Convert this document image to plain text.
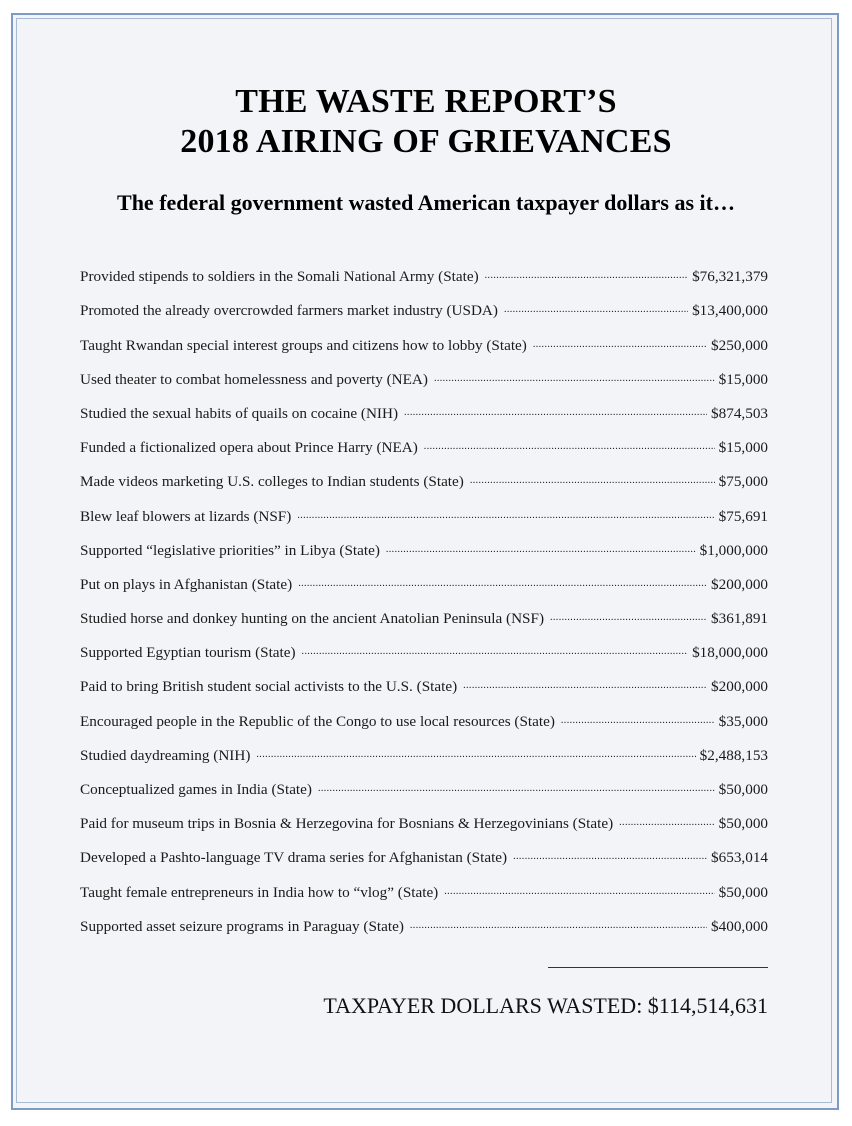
THE WASTE REPORT’S
2018 AIRING OF GRIEVANCES
The federal government wasted American taxpayer dollars as it…
Provided stipends to soldiers in the Somali National Army (State) .....	$76,321,379
Promoted the already overcrowded farmers market industry (USDA) .....	$13,400,000
Taught Rwandan special interest groups and citizens how to lobby (State) .....	$250,000
Used theater to combat homelessness and poverty (NEA) .....	$15,000
Studied the sexual habits of quails on cocaine (NIH) .....	$874,503
Funded a fictionalized opera about Prince Harry (NEA) .....	$15,000
Made videos marketing U.S. colleges to Indian students (State) .....	$75,000
Blew leaf blowers at lizards (NSF) .....	$75,691
Supported “legislative priorities” in Libya (State) .....	$1,000,000
Put on plays in Afghanistan (State) .....	$200,000
Studied horse and donkey hunting on the ancient Anatolian Peninsula (NSF) .....	$361,891
Supported Egyptian tourism (State) .....	$18,000,000
Paid to bring British student social activists to the U.S. (State) .....	$200,000
Encouraged people in the Republic of the Congo to use local resources (State) .....	$35,000
Studied daydreaming (NIH) .....	$2,488,153
Conceptualized games in India (State) .....	$50,000
Paid for museum trips in Bosnia & Herzegovina for Bosnians & Herzegovinians (State) .....	$50,000
Developed a Pashto-language TV drama series for Afghanistan (State) .....	$653,014
Taught female entrepreneurs in India how to “vlog” (State) .....	$50,000
Supported asset seizure programs in Paraguay (State) .....	$400,000
TAXPAYER DOLLARS WASTED: $114,514,631
